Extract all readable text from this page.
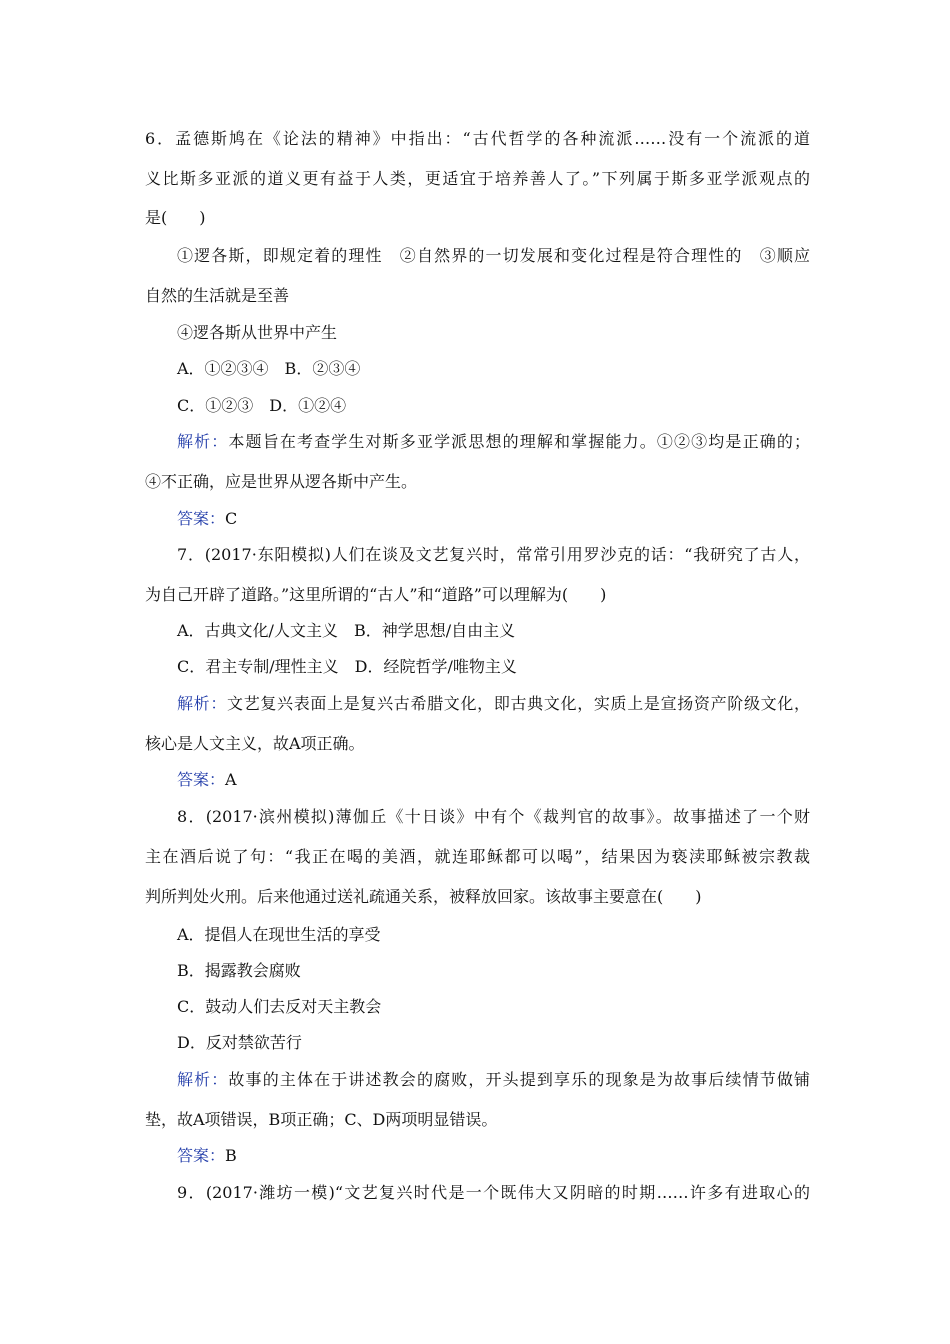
6．孟德斯鸠在《论法的精神》中指出：“古代哲学的各种流派……没有一个流派的道
义比斯多亚派的道义更有益于人类，更适宜于培养善人了。”下列属于斯多亚学派观点的
是(　　)
①逻各斯，即规定着的理性　②自然界的一切发展和变化过程是符合理性的　③顺应
自然的生活就是至善
④逻各斯从世界中产生
A．①②③④　B．②③④
C．①②③　D．①②④
解析：本题旨在考查学生对斯多亚学派思想的理解和掌握能力。①②③均是正确的；
④不正确，应是世界从逻各斯中产生。
答案：C
7．(2017·东阳模拟)人们在谈及文艺复兴时，常常引用罗沙克的话：“我研究了古人，
为自己开辟了道路。”这里所谓的“古人”和“道路”可以理解为(　　)
A．古典文化/人文主义　B．神学思想/自由主义
C．君主专制/理性主义　D．经院哲学/唯物主义
解析：文艺复兴表面上是复兴古希腊文化，即古典文化，实质上是宣扬资产阶级文化，
核心是人文主义，故A项正确。
答案：A
8．(2017·滨州模拟)薄伽丘《十日谈》中有个《裁判官的故事》。故事描述了一个财
主在酒后说了句：“我正在喝的美酒，就连耶稣都可以喝”，结果因为亵渎耶稣被宗教裁
判所判处火刑。后来他通过送礼疏通关系，被释放回家。该故事主要意在(　　)
A．提倡人在现世生活的享受
B．揭露教会腐败
C．鼓动人们去反对天主教会
D．反对禁欲苦行
解析：故事的主体在于讲述教会的腐败，开头提到享乐的现象是为故事后续情节做铺
垫，故A项错误，B项正确；C、D两项明显错误。
答案：B
9．(2017·潍坊一模)“文艺复兴时代是一个既伟大又阴暗的时期……许多有进取心的
